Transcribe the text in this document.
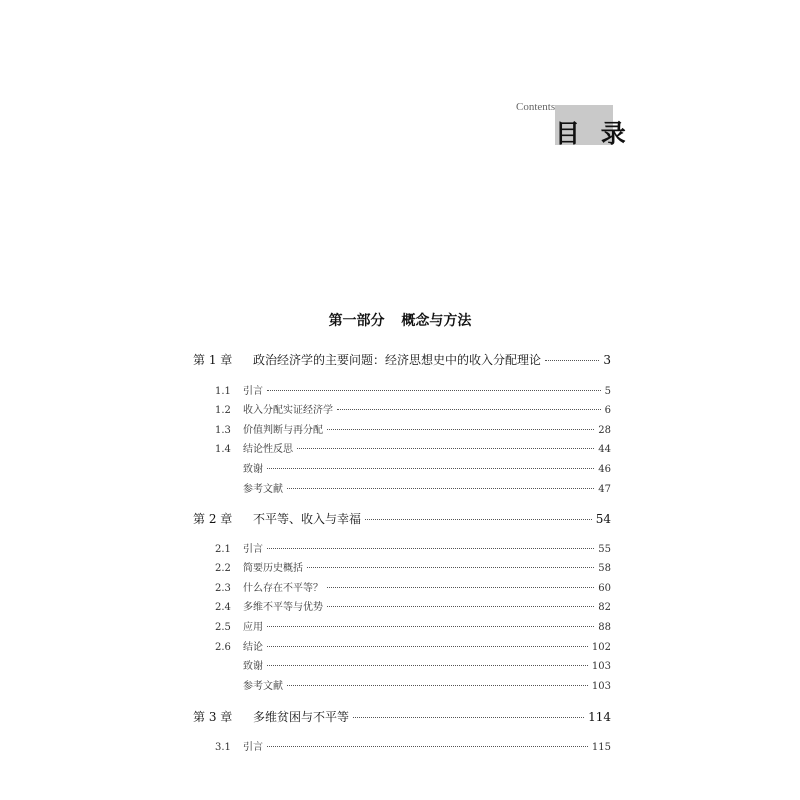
Contents
目 录
第一部分 概念与方法
第 1 章	政治经济学的主要问题：经济思想史中的收入分配理论	3
1.1	引言	5
1.2	收入分配实证经济学	6
1.3	价值判断与再分配	28
1.4	结论性反思	44
致谢	46
参考文献	47
第 2 章	不平等、收入与幸福	54
2.1	引言	55
2.2	简要历史概括	58
2.3	什么存在不平等？	60
2.4	多维不平等与优势	82
2.5	应用	88
2.6	结论	102
致谢	103
参考文献	103
第 3 章	多维贫困与不平等	114
3.1	引言	115
